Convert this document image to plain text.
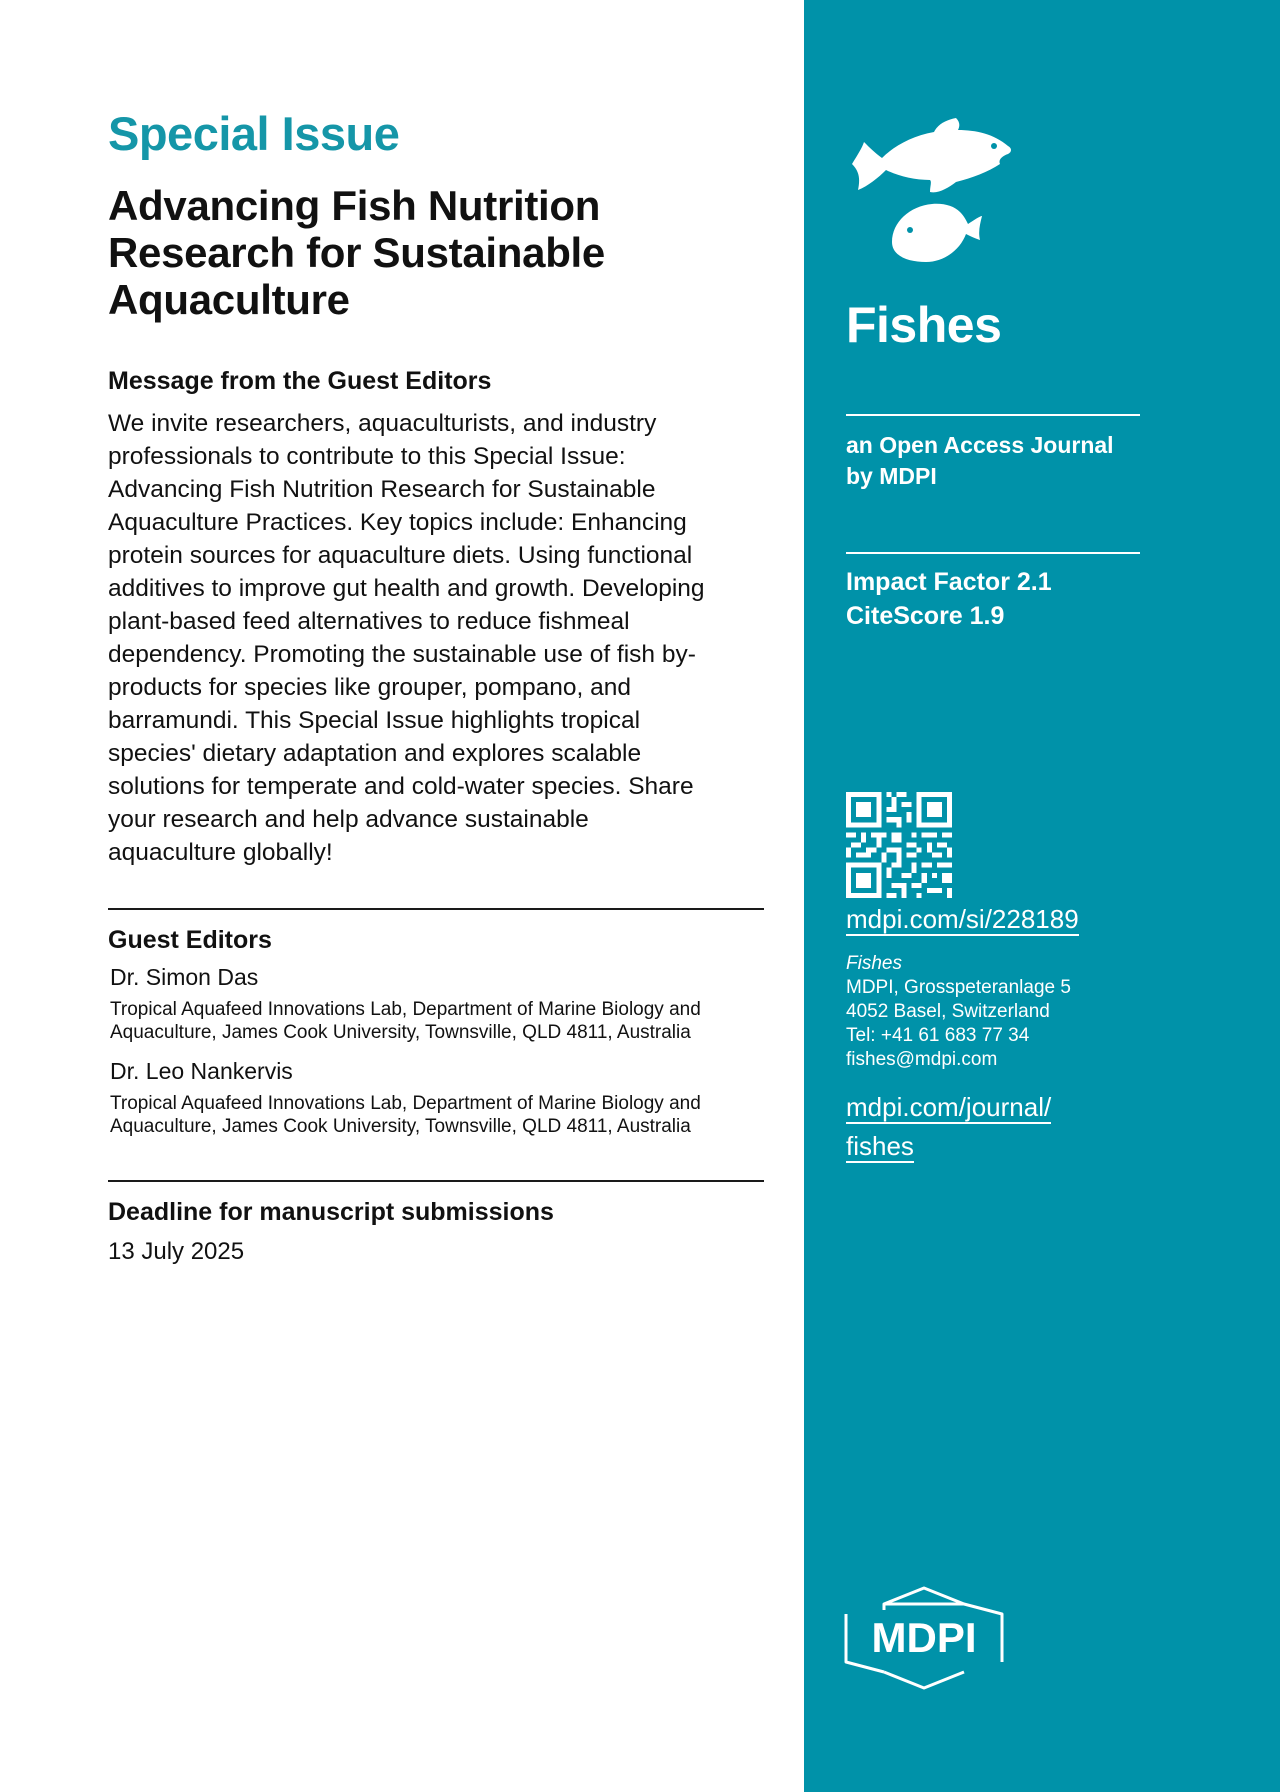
Special Issue
Advancing Fish Nutrition
Research for Sustainable
Aquaculture
Message from the Guest Editors
We invite researchers, aquaculturists, and industry
professionals to contribute to this Special Issue:
Advancing Fish Nutrition Research for Sustainable
Aquaculture Practices. Key topics include: Enhancing
protein sources for aquaculture diets. Using functional
additives to improve gut health and growth. Developing
plant-based feed alternatives to reduce fishmeal
dependency. Promoting the sustainable use of fish by-
products for species like grouper, pompano, and
barramundi. This Special Issue highlights tropical
species' dietary adaptation and explores scalable
solutions for temperate and cold-water species. Share
your research and help advance sustainable
aquaculture globally!
Guest Editors
Dr. Simon Das
Tropical Aquafeed Innovations Lab, Department of Marine Biology and
Aquaculture, James Cook University, Townsville, QLD 4811, Australia
Dr. Leo Nankervis
Tropical Aquafeed Innovations Lab, Department of Marine Biology and
Aquaculture, James Cook University, Townsville, QLD 4811, Australia
Deadline for manuscript submissions
13 July 2025
Fishes
an Open Access Journal
by MDPI
Impact Factor 2.1
CiteScore 1.9
mdpi.com/si/228189
Fishes
MDPI, Grosspeteranlage 5
4052 Basel, Switzerland
Tel: +41 61 683 77 34
fishes@mdpi.com
mdpi.com/journal/
fishes
MDPI
